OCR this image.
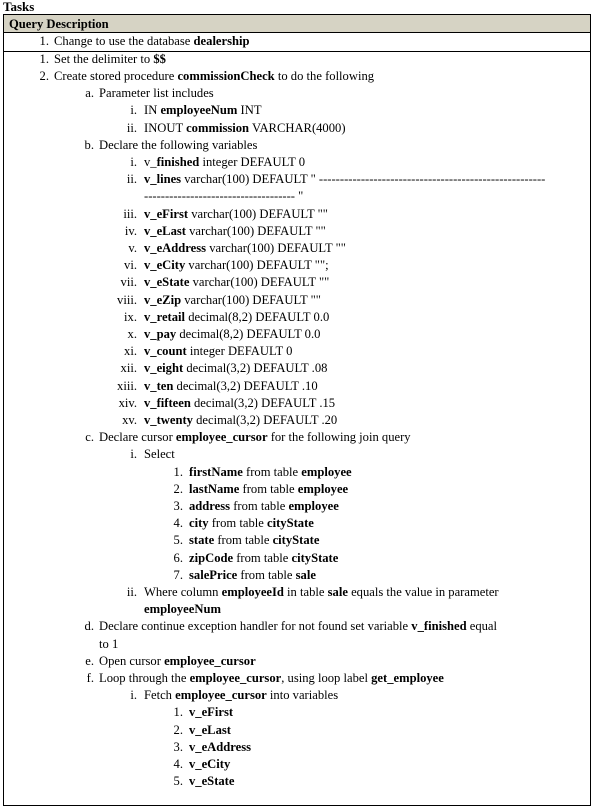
Tasks
Query Description
1. Change to use the database dealership
1. Set the delimiter to $$
2. Create stored procedure commissionCheck to do the following
a. Parameter list includes
i. IN employeeNum INT
ii. INOUT commission VARCHAR(4000)
b. Declare the following variables
i. v_finished integer DEFAULT 0
ii. v_lines varchar(100) DEFAULT " ------------------------------------------------------
------------------------------------ "
iii. v_eFirst varchar(100) DEFAULT ""
iv. v_eLast varchar(100) DEFAULT ""
v. v_eAddress varchar(100) DEFAULT ""
vi. v_eCity varchar(100) DEFAULT "";
vii. v_eState varchar(100) DEFAULT ""
viii. v_eZip varchar(100) DEFAULT ""
ix. v_retail decimal(8,2) DEFAULT 0.0
x. v_pay decimal(8,2) DEFAULT 0.0
xi. v_count integer DEFAULT 0
xii. v_eight decimal(3,2) DEFAULT .08
xiii. v_ten decimal(3,2) DEFAULT .10
xiv. v_fifteen decimal(3,2) DEFAULT .15
xv. v_twenty decimal(3,2) DEFAULT .20
c. Declare cursor employee_cursor for the following join query
i. Select
1. firstName from table employee
2. lastName from table employee
3. address from table employee
4. city from table cityState
5. state from table cityState
6. zipCode from table cityState
7. salePrice from table sale
ii. Where column employeeId in table sale equals the value in parameter
employeeNum
d. Declare continue exception handler for not found set variable v_finished equal
to 1
e. Open cursor employee_cursor
f. Loop through the employee_cursor, using loop label get_employee
i. Fetch employee_cursor into variables
1. v_eFirst
2. v_eLast
3. v_eAddress
4. v_eCity
5. v_eState
